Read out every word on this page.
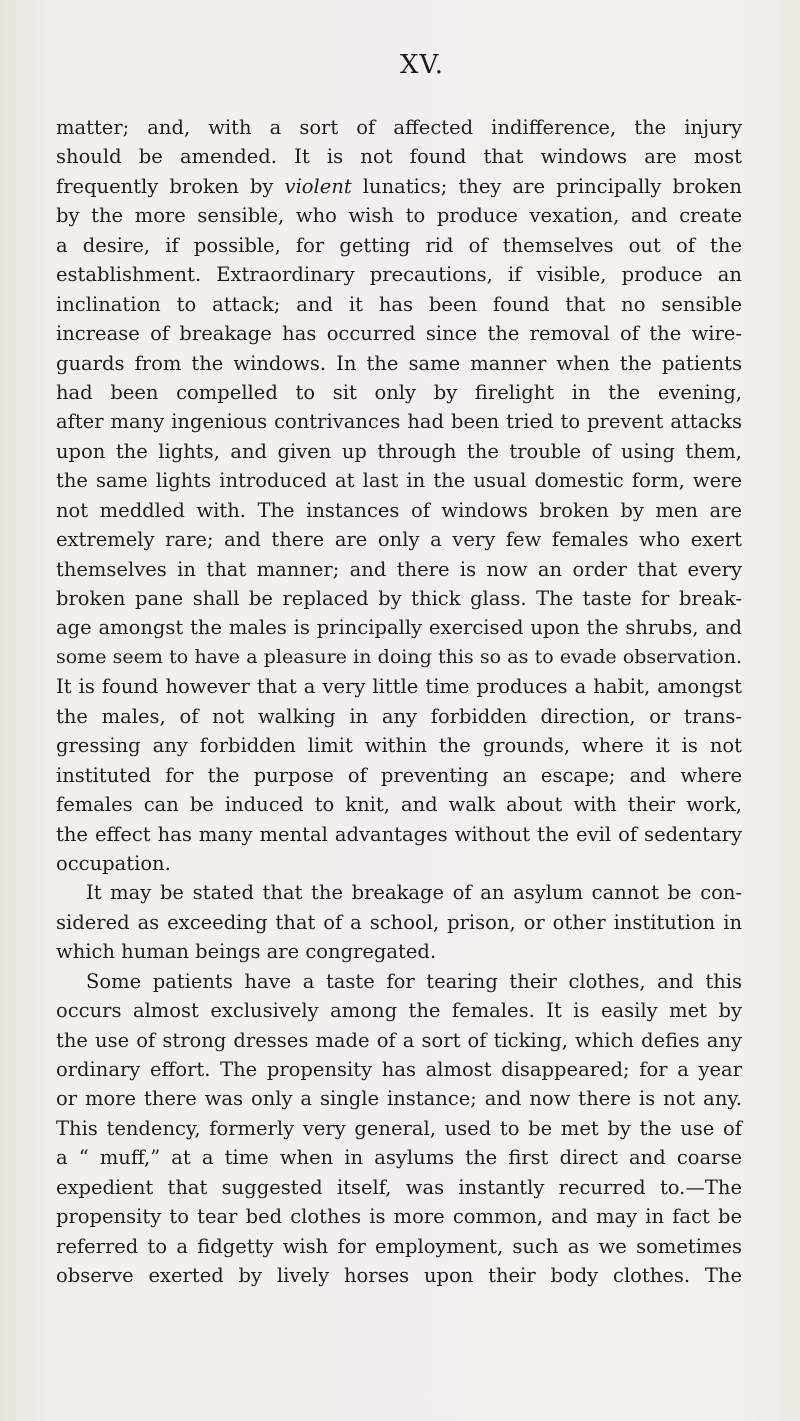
XV.
matter; and, with a sort of affected indifference, the injury
should be amended. It is not found that windows are most
frequently broken by violent lunatics; they are principally broken
by the more sensible, who wish to produce vexation, and create
a desire, if possible, for getting rid of themselves out of the
establishment. Extraordinary precautions, if visible, produce an
inclination to attack; and it has been found that no sensible
increase of breakage has occurred since the removal of the wire-
guards from the windows. In the same manner when the patients
had been compelled to sit only by firelight in the evening,
after many ingenious contrivances had been tried to prevent attacks
upon the lights, and given up through the trouble of using them,
the same lights introduced at last in the usual domestic form, were
not meddled with. The instances of windows broken by men are
extremely rare; and there are only a very few females who exert
themselves in that manner; and there is now an order that every
broken pane shall be replaced by thick glass. The taste for break-
age amongst the males is principally exercised upon the shrubs, and
some seem to have a pleasure in doing this so as to evade observation.
It is found however that a very little time produces a habit, amongst
the males, of not walking in any forbidden direction, or trans-
gressing any forbidden limit within the grounds, where it is not
instituted for the purpose of preventing an escape; and where
females can be induced to knit, and walk about with their work,
the effect has many mental advantages without the evil of sedentary
occupation.
It may be stated that the breakage of an asylum cannot be con-
sidered as exceeding that of a school, prison, or other institution in
which human beings are congregated.
Some patients have a taste for tearing their clothes, and this
occurs almost exclusively among the females. It is easily met by
the use of strong dresses made of a sort of ticking, which defies any
ordinary effort. The propensity has almost disappeared; for a year
or more there was only a single instance; and now there is not any.
This tendency, formerly very general, used to be met by the use of
a “ muff,” at a time when in asylums the first direct and coarse
expedient that suggested itself, was instantly recurred to.—The
propensity to tear bed clothes is more common, and may in fact be
referred to a fidgetty wish for employment, such as we sometimes
observe exerted by lively horses upon their body clothes. The
